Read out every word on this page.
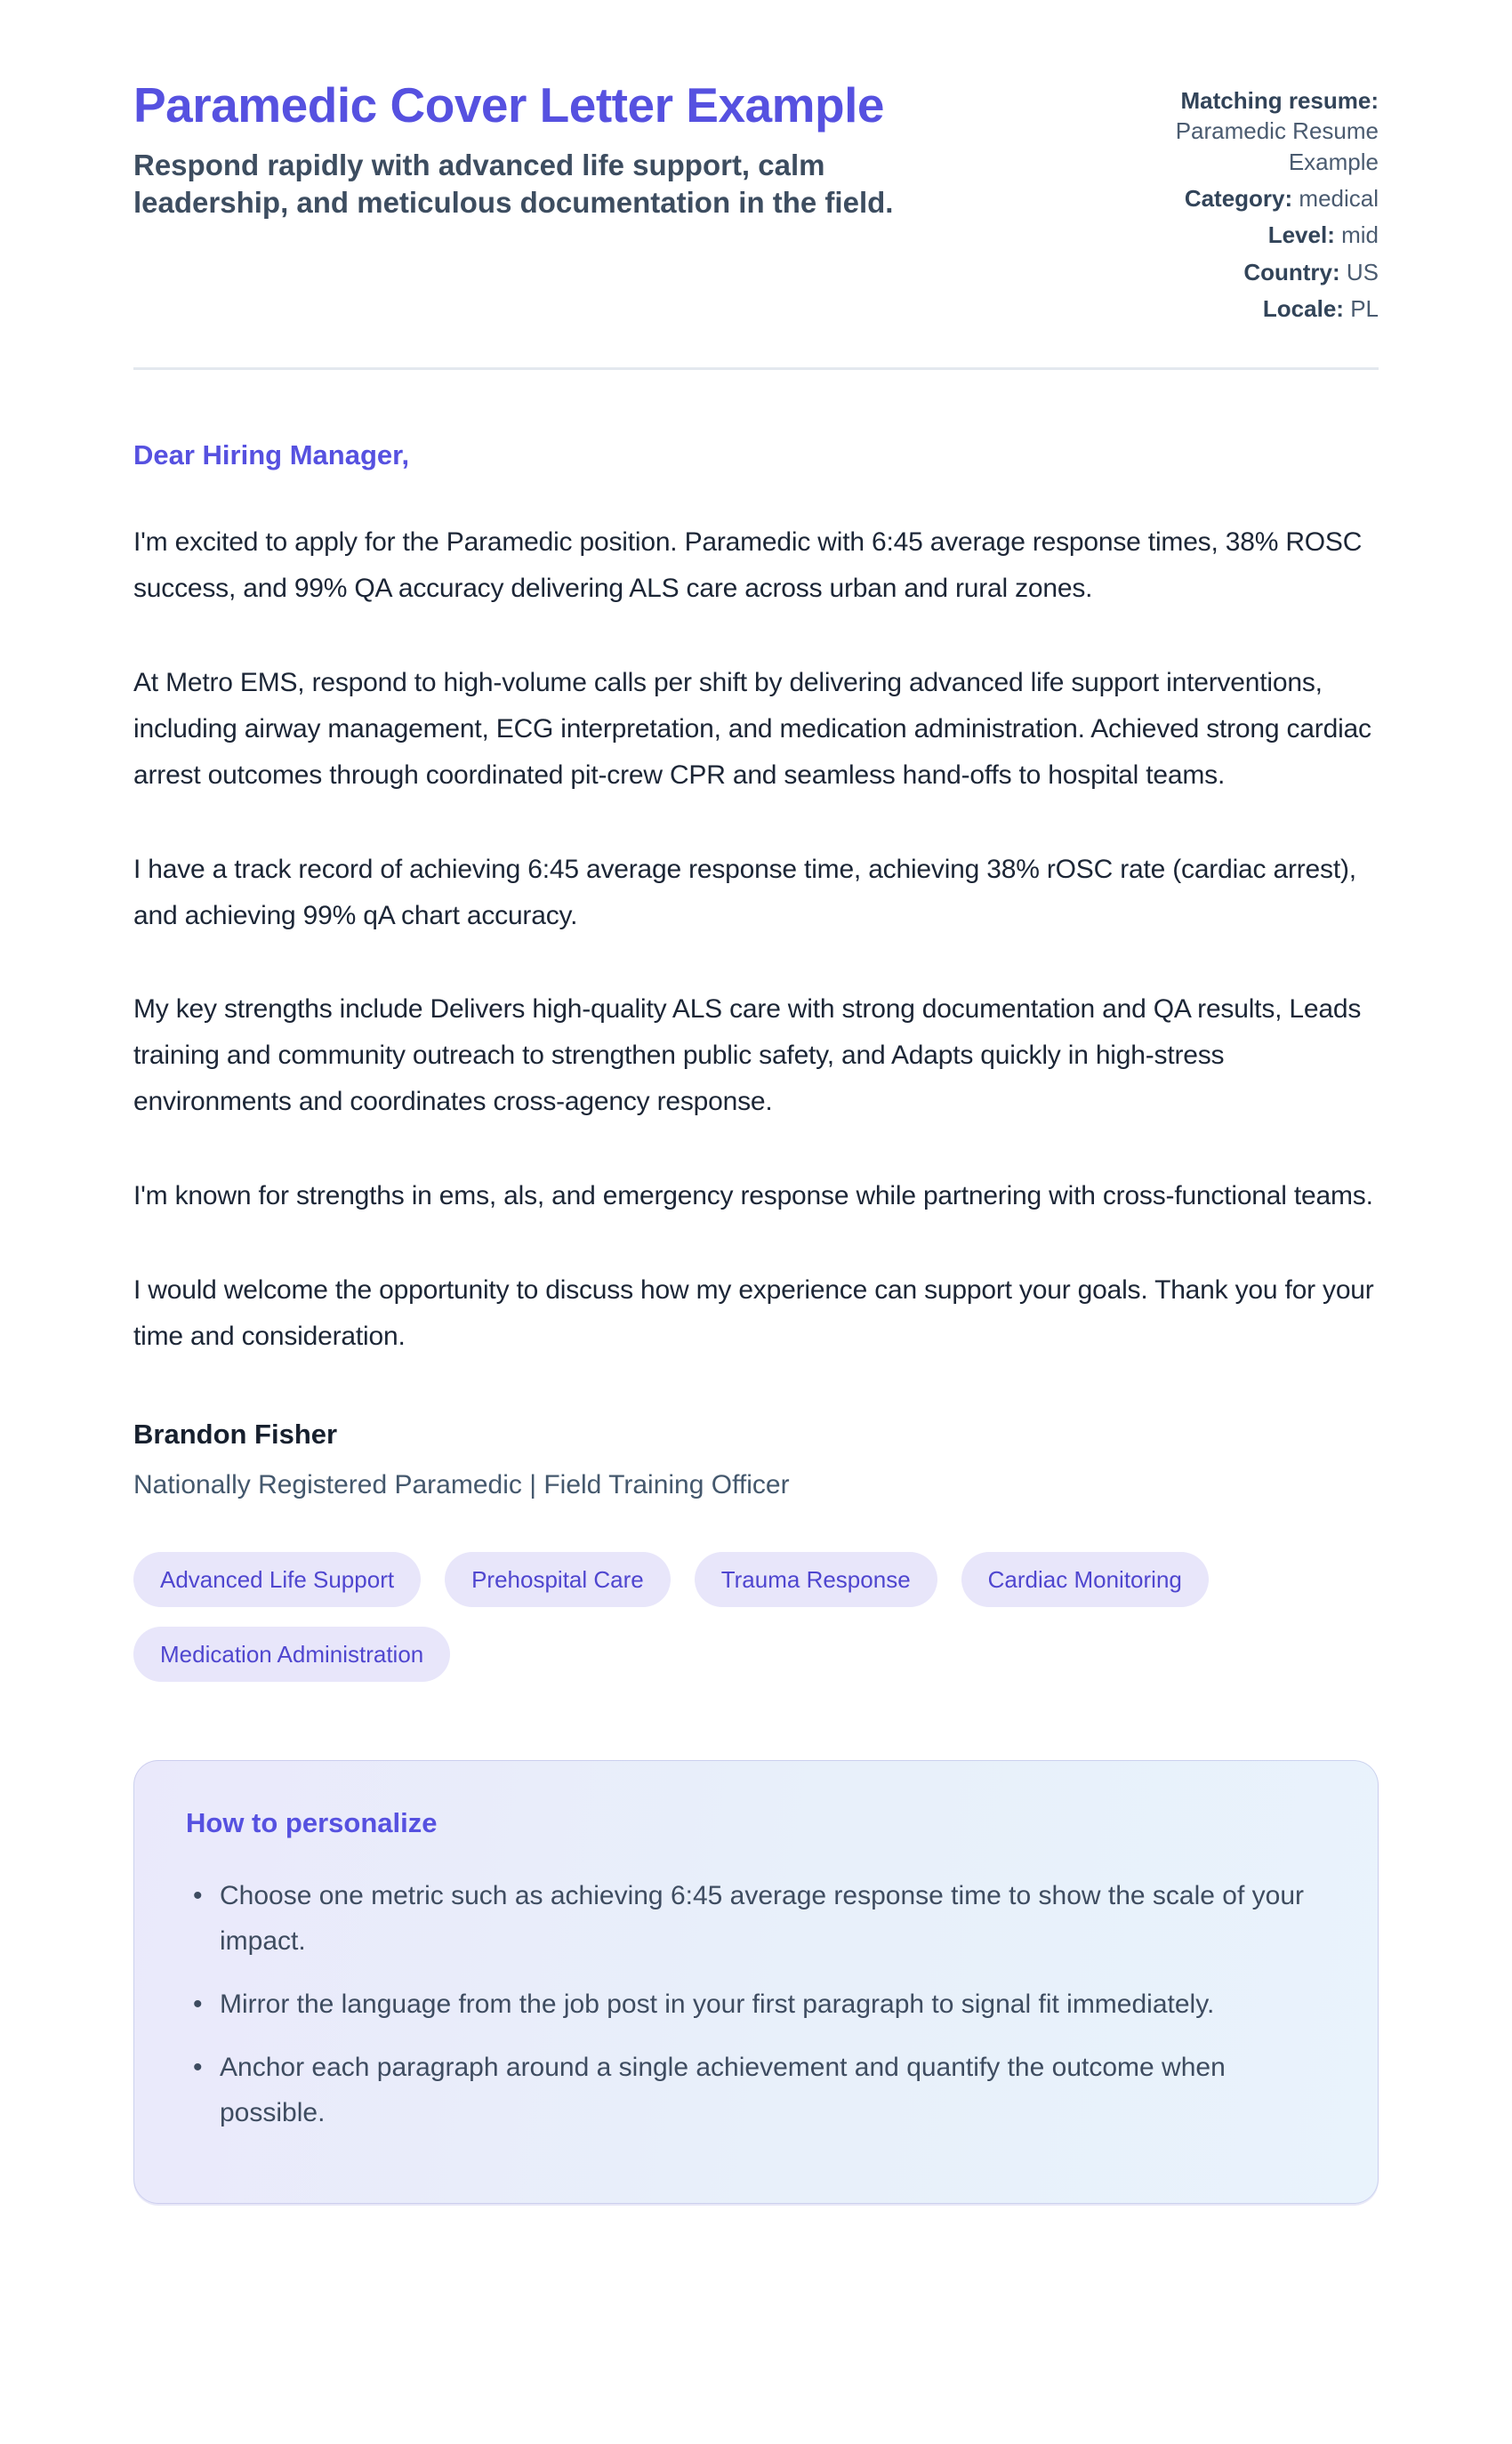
Paramedic Cover Letter Example

Respond rapidly with advanced life support, calm leadership, and meticulous documentation in the field.

Matching resume:
Paramedic Resume Example
Category: medical
Level: mid
Country: US
Locale: PL

Dear Hiring Manager,

I'm excited to apply for the Paramedic position. Paramedic with 6:45 average response times, 38% ROSC success, and 99% QA accuracy delivering ALS care across urban and rural zones.

At Metro EMS, respond to high-volume calls per shift by delivering advanced life support interventions, including airway management, ECG interpretation, and medication administration. Achieved strong cardiac arrest outcomes through coordinated pit-crew CPR and seamless hand-offs to hospital teams.

I have a track record of achieving 6:45 average response time, achieving 38% rOSC rate (cardiac arrest), and achieving 99% qA chart accuracy.

My key strengths include Delivers high-quality ALS care with strong documentation and QA results, Leads training and community outreach to strengthen public safety, and Adapts quickly in high-stress environments and coordinates cross-agency response.

I'm known for strengths in ems, als, and emergency response while partnering with cross-functional teams.

I would welcome the opportunity to discuss how my experience can support your goals. Thank you for your time and consideration.

Brandon Fisher
Nationally Registered Paramedic | Field Training Officer
Advanced Life Support	Prehospital Care	Trauma Response	Cardiac Monitoring
Medication Administration
How to personalize
• Choose one metric such as achieving 6:45 average response time to show the scale of your impact.
• Mirror the language from the job post in your first paragraph to signal fit immediately.
• Anchor each paragraph around a single achievement and quantify the outcome when possible.
